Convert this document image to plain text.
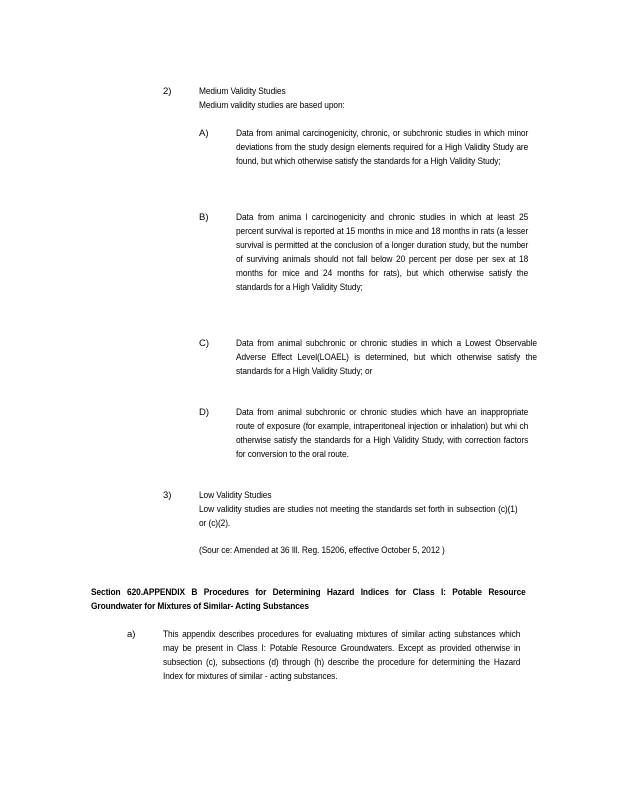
2)	Medium Validity Studies
Medium validity studies are based upon:
A)	Data from animal carcinogenicity, chronic, or subchronic studies in which minor deviations from the study design elements required for a High Validity Study are found, but which otherwise satisfy the standards for a High Validity Study;
B)	Data from anima l carcinogenicity and chronic studies in which at least 25 percent survival is reported at 15 months in mice and 18 months in rats (a lesser survival is permitted at the conclusion of a longer duration study, but the number of surviving animals should not fall below 20 percent per dose per sex at 18 months for mice and 24 months for rats), but which otherwise satisfy the standards for a High Validity Study;
C)	Data from animal subchronic or chronic studies in which a Lowest Observable Adverse Effect Level(LOAEL) is determined, but which otherwise satisfy the standards for a High Validity Study; or
D)	Data from animal subchronic or chronic studies which have an inappropriate route of exposure (for example, intraperitoneal injection or inhalation) but whi ch otherwise satisfy the standards for a High Validity Study, with correction factors for conversion to the oral route.
3)	Low Validity Studies
Low validity studies are studies not meeting the standards set forth in subsection (c)(1) or (c)(2).
(Sour ce: Amended at 36 Ill. Reg. 15206, effective October 5, 2012 )
Section 620.APPENDIX B Procedures for Determining Hazard Indices for Class I: Potable Resource Groundwater for Mixtures of Similar- Acting Substances
a)	This appendix describes procedures for evaluating mixtures of similar acting substances which may be present in Class I: Potable Resource Groundwaters. Except as provided otherwise in subsection (c), subsections (d) through (h) describe the procedure for determining the Hazard Index for mixtures of similar - acting substances.
